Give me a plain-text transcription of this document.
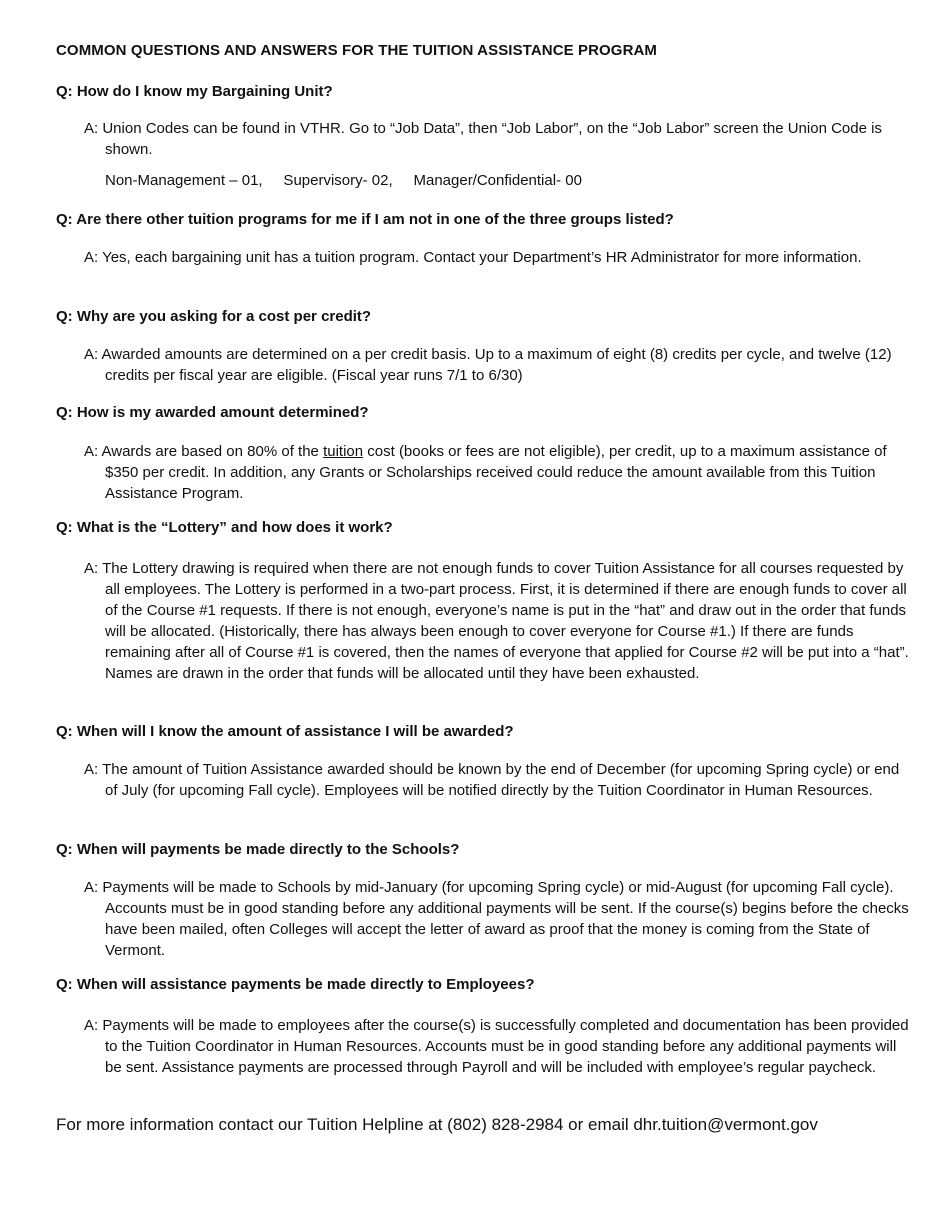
COMMON QUESTIONS AND ANSWERS FOR THE TUITION ASSISTANCE PROGRAM
Q: How do I know my Bargaining Unit?
A: Union Codes can be found in VTHR. Go to “Job Data”, then “Job Labor”, on the “Job Labor” screen the Union Code is shown.
Non-Management – 01,     Supervisory- 02,     Manager/Confidential- 00
Q: Are there other tuition programs for me if I am not in one of the three groups listed?
A: Yes, each bargaining unit has a tuition program. Contact your Department’s HR Administrator for more information.
Q: Why are you asking for a cost per credit?
A: Awarded amounts are determined on a per credit basis. Up to a maximum of eight (8) credits per cycle, and twelve (12) credits per fiscal year are eligible. (Fiscal year runs 7/1 to 6/30)
Q: How is my awarded amount determined?
A: Awards are based on 80% of the tuition cost (books or fees are not eligible), per credit, up to a maximum assistance of $350 per credit. In addition, any Grants or Scholarships received could reduce the amount available from this Tuition Assistance Program.
Q: What is the “Lottery” and how does it work?
A: The Lottery drawing is required when there are not enough funds to cover Tuition Assistance for all courses requested by all employees. The Lottery is performed in a two-part process. First, it is determined if there are enough funds to cover all of the Course #1 requests. If there is not enough, everyone’s name is put in the “hat” and draw out in the order that funds will be allocated. (Historically, there has always been enough to cover everyone for Course #1.) If there are funds remaining after all of Course #1 is covered, then the names of everyone that applied for Course #2 will be put into a “hat”. Names are drawn in the order that funds will be allocated until they have been exhausted.
Q: When will I know the amount of assistance I will be awarded?
A: The amount of Tuition Assistance awarded should be known by the end of December (for upcoming Spring cycle) or end of July (for upcoming Fall cycle). Employees will be notified directly by the Tuition Coordinator in Human Resources.
Q: When will payments be made directly to the Schools?
A: Payments will be made to Schools by mid-January (for upcoming Spring cycle) or mid-August (for upcoming Fall cycle). Accounts must be in good standing before any additional payments will be sent. If the course(s) begins before the checks have been mailed, often Colleges will accept the letter of award as proof that the money is coming from the State of Vermont.
Q: When will assistance payments be made directly to Employees?
A: Payments will be made to employees after the course(s) is successfully completed and documentation has been provided to the Tuition Coordinator in Human Resources. Accounts must be in good standing before any additional payments will be sent. Assistance payments are processed through Payroll and will be included with employee’s regular paycheck.
For more information contact our Tuition Helpline at (802) 828-2984 or email dhr.tuition@vermont.gov
